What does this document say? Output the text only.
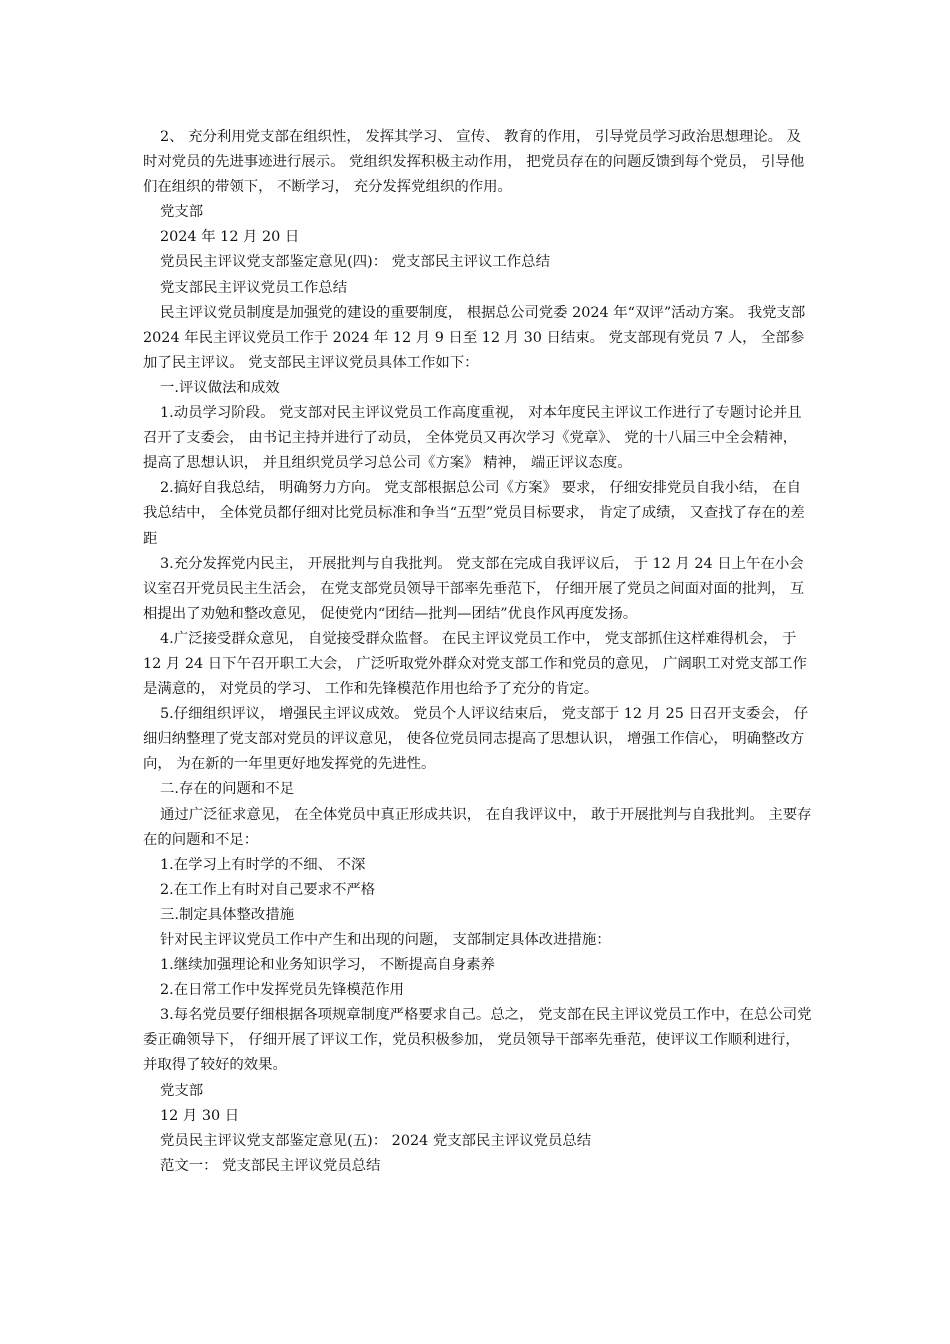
2、 充分利用党支部在组织性， 发挥其学习、 宣传、 教育的作用， 引导党员学习政治思想理论。 及时对党员的先进事迹进行展示。 党组织发挥积极主动作用， 把党员存在的问题反馈到每个党员， 引导他们在组织的带领下， 不断学习， 充分发挥党组织的作用。

党支部

2024 年 12 月 20 日

党员民主评议党支部鉴定意见(四)： 党支部民主评议工作总结

党支部民主评议党员工作总结

民主评议党员制度是加强党的建设的重要制度， 根据总公司党委 2024 年“双评”活动方案。 我党支部 2024 年民主评议党员工作于 2024 年 12 月 9 日至 12 月 30 日结束。 党支部现有党员 7 人， 全部参加了民主评议。 党支部民主评议党员具体工作如下：

一.评议做法和成效

1.动员学习阶段。 党支部对民主评议党员工作高度重视， 对本年度民主评议工作进行了专题讨论并且召开了支委会， 由书记主持并进行了动员， 全体党员又再次学习《党章》、 党的十八届三中全会精神， 提高了思想认识， 并且组织党员学习总公司《方案》 精神， 端正评议态度。

2.搞好自我总结， 明确努力方向。 党支部根据总公司《方案》 要求， 仔细安排党员自我小结， 在自我总结中， 全体党员都仔细对比党员标准和争当“五型”党员目标要求， 肯定了成绩， 又查找了存在的差距

3.充分发挥党内民主， 开展批判与自我批判。 党支部在完成自我评议后， 于 12 月 24 日上午在小会议室召开党员民主生活会， 在党支部党员领导干部率先垂范下， 仔细开展了党员之间面对面的批判， 互相提出了劝勉和整改意见， 促使党内“团结—批判—团结”优良作风再度发扬。

4.广泛接受群众意见， 自觉接受群众监督。 在民主评议党员工作中， 党支部抓住这样难得机会， 于 12 月 24 日下午召开职工大会， 广泛听取党外群众对党支部工作和党员的意见， 广阔职工对党支部工作是满意的， 对党员的学习、 工作和先锋模范作用也给予了充分的肯定。

5.仔细组织评议， 增强民主评议成效。 党员个人评议结束后， 党支部于 12 月 25 日召开支委会， 仔细归纳整理了党支部对党员的评议意见， 使各位党员同志提高了思想认识， 增强工作信心， 明确整改方向， 为在新的一年里更好地发挥党的先进性。

二.存在的问题和不足

通过广泛征求意见， 在全体党员中真正形成共识， 在自我评议中， 敢于开展批判与自我批判。 主要存在的问题和不足：

1.在学习上有时学的不细、 不深

2.在工作上有时对自己要求不严格

三.制定具体整改措施

针对民主评议党员工作中产生和出现的问题， 支部制定具体改进措施：

1.继续加强理论和业务知识学习， 不断提高自身素养

2.在日常工作中发挥党员先锋模范作用

3.每名党员要仔细根据各项规章制度严格要求自己。总之， 党支部在民主评议党员工作中，在总公司党委正确领导下， 仔细开展了评议工作，党员积极参加， 党员领导干部率先垂范，使评议工作顺利进行， 并取得了较好的效果。

党支部

12 月 30 日

党员民主评议党支部鉴定意见(五)： 2024 党支部民主评议党员总结

范文一： 党支部民主评议党员总结
